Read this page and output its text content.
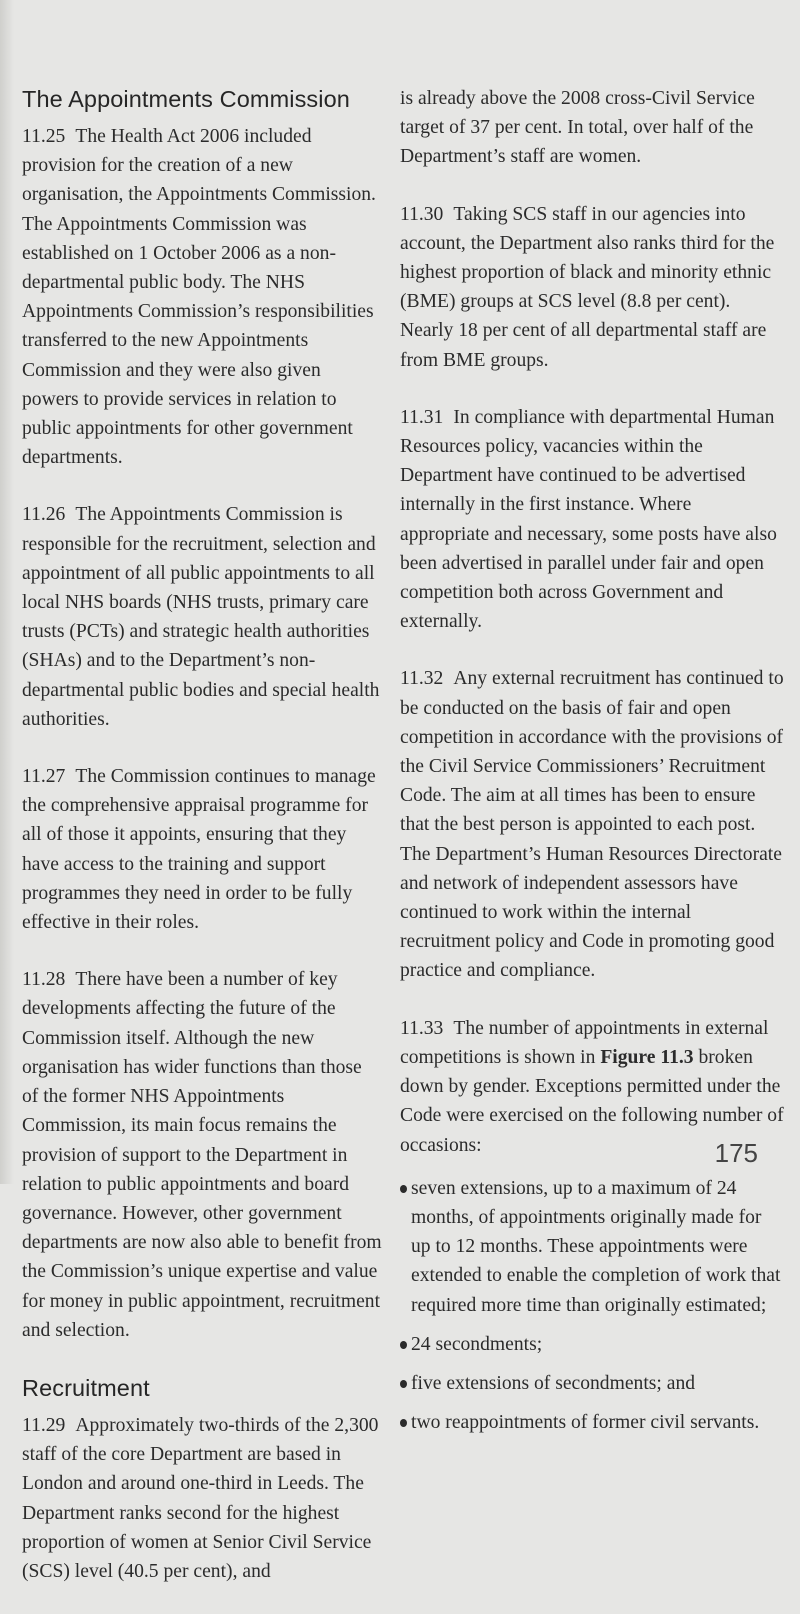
The Appointments Commission

11.25 The Health Act 2006 included provision for the creation of a new organisation, the Appointments Commission. The Appointments Commission was established on 1 October 2006 as a non-departmental public body. The NHS Appointments Commission’s responsibilities transferred to the new Appointments Commission and they were also given powers to provide services in relation to public appointments for other government departments.

11.26 The Appointments Commission is responsible for the recruitment, selection and appointment of all public appointments to all local NHS boards (NHS trusts, primary care trusts (PCTs) and strategic health authorities (SHAs) and to the Department’s non-departmental public bodies and special health authorities.

11.27 The Commission continues to manage the comprehensive appraisal programme for all of those it appoints, ensuring that they have access to the training and support programmes they need in order to be fully effective in their roles.

11.28 There have been a number of key developments affecting the future of the Commission itself. Although the new organisation has wider functions than those of the former NHS Appointments Commission, its main focus remains the provision of support to the Department in relation to public appointments and board governance. However, other government departments are now also able to benefit from the Commission’s unique expertise and value for money in public appointment, recruitment and selection.

Recruitment

11.29 Approximately two-thirds of the 2,300 staff of the core Department are based in London and around one-third in Leeds. The Department ranks second for the highest proportion of women at Senior Civil Service (SCS) level (40.5 per cent), and

is already above the 2008 cross-Civil Service target of 37 per cent. In total, over half of the Department’s staff are women.

11.30 Taking SCS staff in our agencies into account, the Department also ranks third for the highest proportion of black and minority ethnic (BME) groups at SCS level (8.8 per cent). Nearly 18 per cent of all departmental staff are from BME groups.

11.31 In compliance with departmental Human Resources policy, vacancies within the Department have continued to be advertised internally in the first instance. Where appropriate and necessary, some posts have also been advertised in parallel under fair and open competition both across Government and externally.

11.32 Any external recruitment has continued to be conducted on the basis of fair and open competition in accordance with the provisions of the Civil Service Commissioners’ Recruitment Code. The aim at all times has been to ensure that the best person is appointed to each post. The Department’s Human Resources Directorate and network of independent assessors have continued to work within the internal recruitment policy and Code in promoting good practice and compliance.

11.33 The number of appointments in external competitions is shown in Figure 11.3 broken down by gender. Exceptions permitted under the Code were exercised on the following number of occasions:

seven extensions, up to a maximum of 24 months, of appointments originally made for up to 12 months. These appointments were extended to enable the completion of work that required more time than originally estimated;
24 secondments;
five extensions of secondments; and
two reappointments of former civil servants.
175
